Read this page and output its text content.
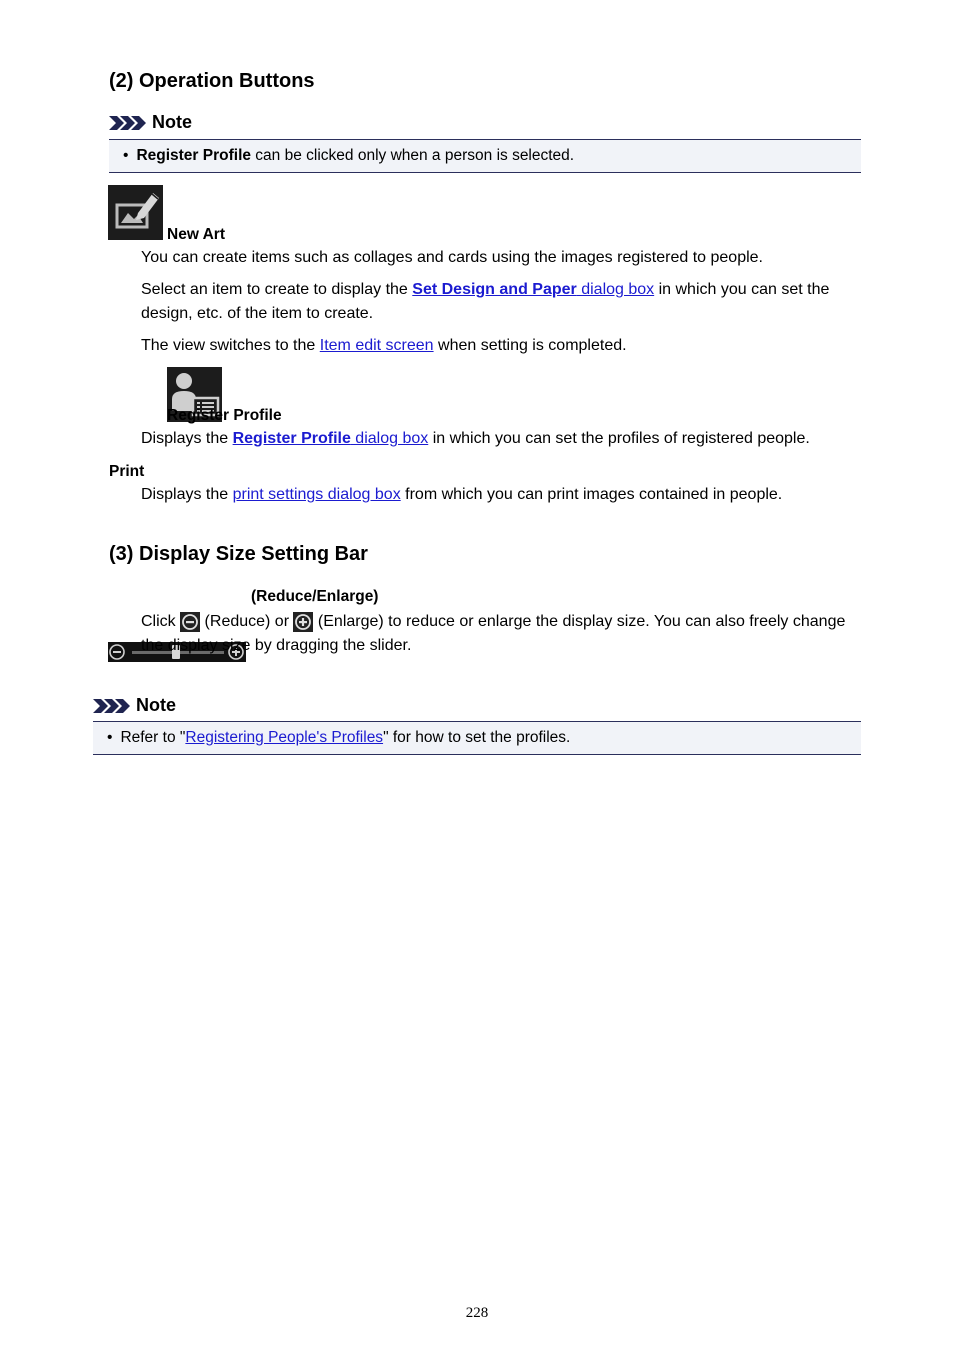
(2) Operation Buttons
Note
• Register Profile can be clicked only when a person is selected.

New Art
You can create items such as collages and cards using the images registered to people.
Select an item to create to display the Set Design and Paper dialog box in which you can set the
design, etc. of the item to create.
The view switches to the Item edit screen when setting is completed.
Register Profile
Displays the Register Profile dialog box in which you can set the profiles of registered people.
Print
Displays the print settings dialog box from which you can print images contained in people.
(3) Display Size Setting Bar
(Reduce/Enlarge)
Click  (Reduce) or  (Enlarge) to reduce or enlarge the display size. You can also freely change
the display size by dragging the slider.
Note
• Refer to " Registering People's Profiles " for how to set the profiles.
228
